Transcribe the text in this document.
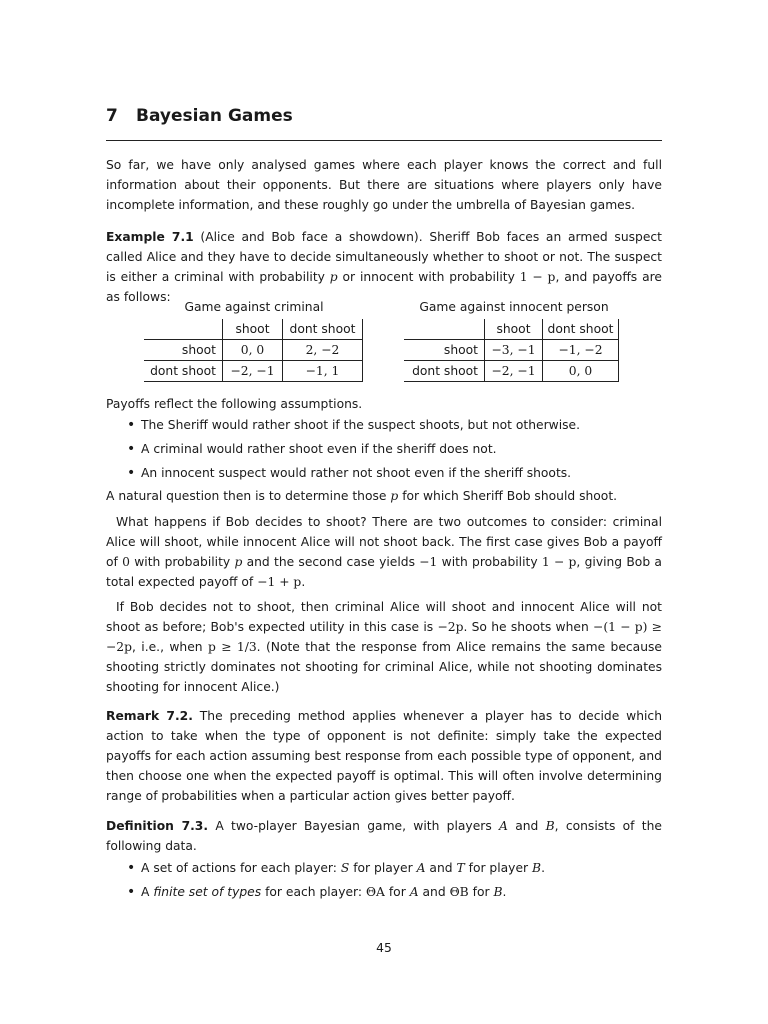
7 Bayesian Games

So far, we have only analysed games where each player knows the correct and full information about their opponents. But there are situations where players only have incomplete information, and these roughly go under the umbrella of Bayesian games.

Example 7.1 (Alice and Bob face a showdown). Sheriff Bob faces an armed suspect called Alice and they have to decide simultaneously whether to shoot or not. The suspect is either a criminal with probability p or innocent with probability 1 − p, and payoffs are as follows:

Game against criminal
	shoot	dont shoot
shoot	0, 0	2, −2
dont shoot	−2, −1	−1, 1
Game against innocent person
	shoot	dont shoot
shoot	−3, −1	−1, −2
dont shoot	−2, −1	0, 0

Payoffs reflect the following assumptions.

• The Sheriff would rather shoot if the suspect shoots, but not otherwise.
• A criminal would rather shoot even if the sheriff does not.
• An innocent suspect would rather not shoot even if the sheriff shoots.

A natural question then is to determine those p for which Sheriff Bob should shoot.

What happens if Bob decides to shoot? There are two outcomes to consider: criminal Alice will shoot, while innocent Alice will not shoot back. The first case gives Bob a payoff of 0 with probability p and the second case yields −1 with probability 1 − p, giving Bob a total expected payoff of −1 + p.

If Bob decides not to shoot, then criminal Alice will shoot and innocent Alice will not shoot as before; Bob's expected utility in this case is −2p. So he shoots when −(1 − p) ≥ −2p, i.e., when p ≥ 1/3. (Note that the response from Alice remains the same because shooting strictly dominates not shooting for criminal Alice, while not shooting dominates shooting for innocent Alice.)

Remark 7.2. The preceding method applies whenever a player has to decide which action to take when the type of opponent is not definite: simply take the expected payoffs for each action assuming best response from each possible type of opponent, and then choose one when the expected payoff is optimal. This will often involve determining range of probabilities when a particular action gives better payoff.

Definition 7.3. A two-player Bayesian game, with players A and B, consists of the following data.

• A set of actions for each player: S for player A and T for player B.
• A finite set of types for each player: ΘA for A and ΘB for B.
45
